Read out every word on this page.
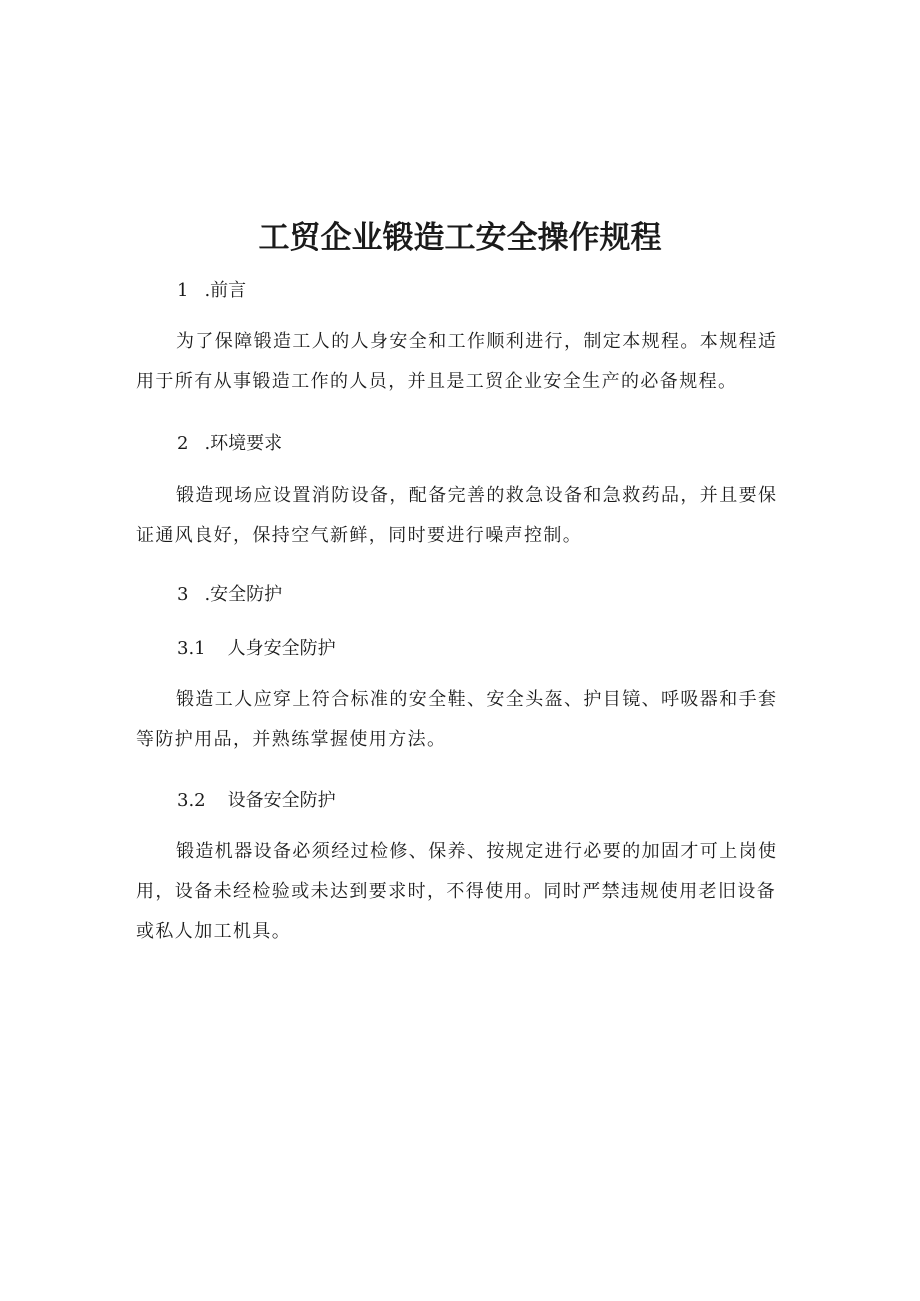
工贸企业锻造工安全操作规程
1 .前言

为了保障锻造工人的人身安全和工作顺利进行，制定本规程。本规程适用于所有从事锻造工作的人员，并且是工贸企业安全生产的必备规程。

2 .环境要求

锻造现场应设置消防设备，配备完善的救急设备和急救药品，并且要保证通风良好，保持空气新鲜，同时要进行噪声控制。

3 .安全防护
3.1 人身安全防护

锻造工人应穿上符合标准的安全鞋、安全头盔、护目镜、呼吸器和手套等防护用品，并熟练掌握使用方法。

3.2 设备安全防护

锻造机器设备必须经过检修、保养、按规定进行必要的加固才可上岗使用，设备未经检验或未达到要求时，不得使用。同时严禁违规使用老旧设备或私人加工机具。
